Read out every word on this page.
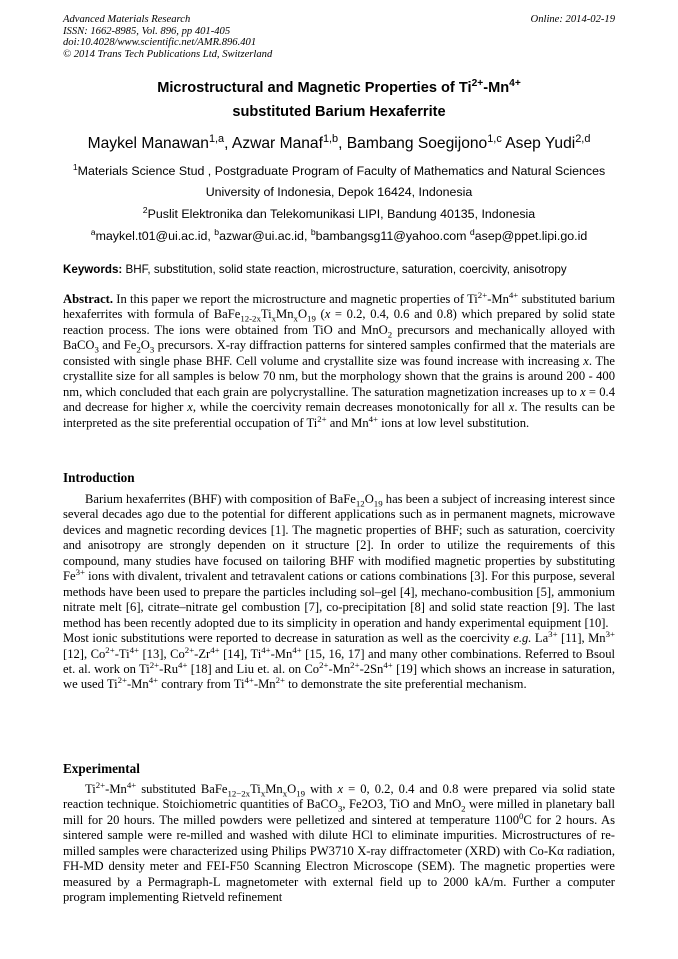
Advanced Materials Research
ISSN: 1662-8985, Vol. 896, pp 401-405
doi:10.4028/www.scientific.net/AMR.896.401
© 2014 Trans Tech Publications Ltd, Switzerland
Online: 2014-02-19
Microstructural and Magnetic Properties of $Ti^{2+}-Mn^{4+}$
substituted Barium Hexaferrite
Maykel Manawan$^{1,a}$, Azwar Manaf$^{1,b}$, Bambang Soegijono$^{1,c}$ Asep Yudi$^{2,d}$
$^1$Materials Science Stud , Postgraduate Program of Faculty of Mathematics and Natural Sciences
University of Indonesia, Depok 16424, Indonesia
$^2$Puslit Elektronika dan Telekomunikasi LIPI, Bandung 40135, Indonesia
$^a$maykel.t01@ui.ac.id, $^b$azwar@ui.ac.id, $^b$bambangsg11@yahoo.com $^d$asep@ppet.lipi.go.id
Keywords: BHF, substitution, solid state reaction, microstructure, saturation, coercivity, anisotropy

Abstract. In this paper we report the microstructure and magnetic properties of $Ti^{2+}-Mn^{4+}$ substituted barium hexaferrites with formula of $BaFe_{12-2x}Ti_xMn_xO_{19}$ (x = 0.2, 0.4, 0.6 and 0.8) which prepared by solid state reaction process. The ions were obtained from TiO and MnO$_2$ precursors and mechanically alloyed with BaCO$_3$ and $Fe_2O_3$ precursors. X-ray diffraction patterns for sintered samples confirmed that the materials are consisted with single phase BHF. Cell volume and crystallite size was found increase with increasing x. The crystallite size for all samples is below 70 nm, but the morphology shown that the grains is around 200 - 400 nm, which concluded that each grain are polycrystalline. The saturation magnetization increases up to x = 0.4 and decrease for higher x, while the coercivity remain decreases monotonically for all x. The results can be interpreted as the site preferential occupation of $Ti^{2+}$ and $Mn^{4+}$ ions at low level substitution.

Introduction

Barium hexaferrites (BHF) with composition of $BaFe_{12}O_{19}$ has been a subject of increasing interest since several decades ago due to the potential for different applications such as in permanent magnets, microwave devices and magnetic recording devices [1]. The magnetic properties of BHF; such as saturation, coercivity and anisotropy are strongly dependen on it structure [2]. In order to utilize the requirements of this compound, many studies have focused on tailoring BHF with modified magnetic properties by substituting $Fe^{3+}$ ions with divalent, trivalent and tetravalent cations or cations combinations [3]. For this purpose, several methods have been used to prepare the particles including sol–gel [4], mechano-combusition [5], ammonium nitrate melt [6], citrate–nitrate gel combustion [7], co-precipitation [8] and solid state reaction [9]. The last method has been recently adopted due to its simplicity in operation and handy experimental equipment [10].

Most ionic substitutions were reported to decrease in saturation as well as the coercivity e.g. $La^{3+}$ [11], $Mn^{3+}$ [12], $Co^{2+}-Ti^{4+}$ [13], $Co^{2+}-Zr^{4+}$ [14], $Ti^{4+}-Mn^{4+}$ [15, 16, 17] and many other combinations. Referred to Bsoul et. al. work on $Ti^{2+}-Ru^{4+}$ [18] and Liu et. al. on $Co^{2+}-Mn^{2+}-2Sn^{4+}$ [19] which shows an increase in saturation, we used $Ti^{2+}-Mn^{4+}$ contrary from $Ti^{4+}-Mn^{2+}$ to demonstrate the site preferential mechanism.

Experimental

$Ti^{2+}-Mn^{4+}$ substituted $BaFe_{12-2x}Ti_xMn_xO_{19}$ with x = 0, 0.2, 0.4 and 0.8 were prepared via solid state reaction technique. Stoichiometric quantities of BaCO$_3$, Fe2O3, TiO and MnO$_2$ were milled in planetary ball mill for 20 hours. The milled powders were pelletized and sintered at temperature 1100$^0$C for 2 hours. As sintered sample were re-milled and washed with dilute HCl to eliminate impurities. Microstructures of re-milled samples were characterized using Philips PW3710 X-ray diffractometer (XRD) with Co-Kα radiation, FH-MD density meter and FEI-F50 Scanning Electron Microscope (SEM). The magnetic properties were measured by a Permagraph-L magnetometer with external field up to 2000 kA/m. Further a computer program implementing Rietveld refinement
